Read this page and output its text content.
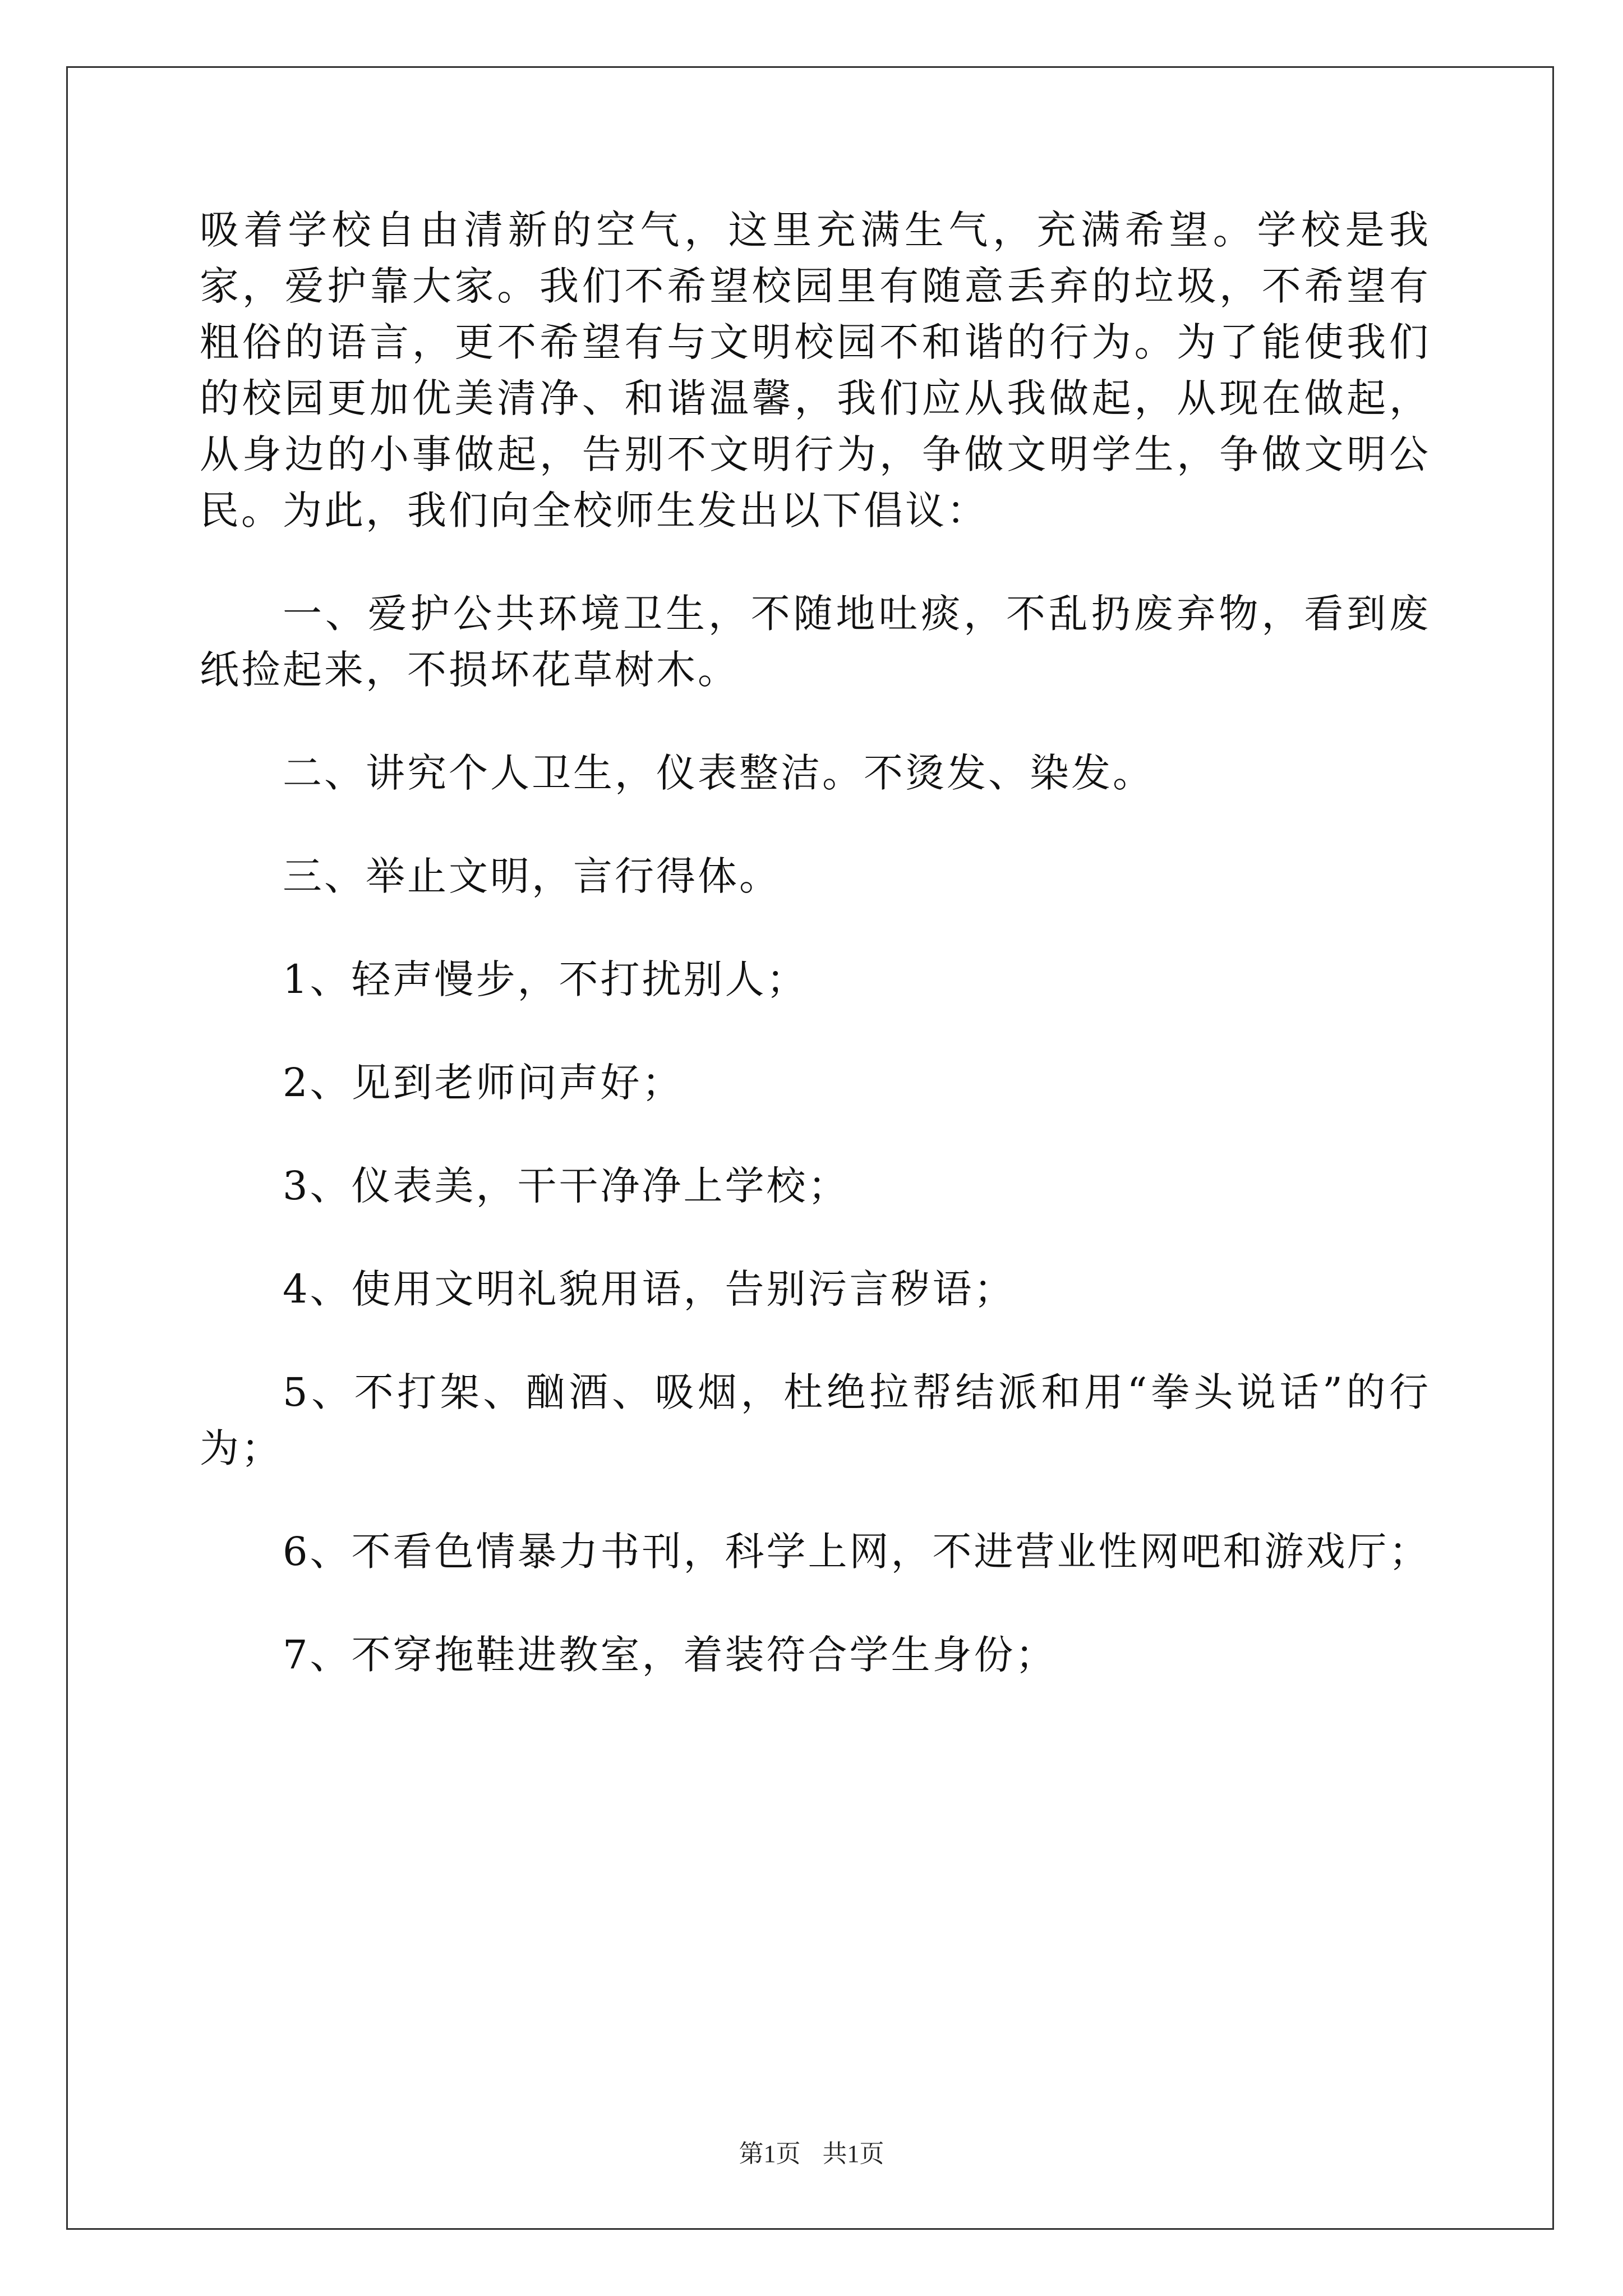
吸着学校自由清新的空气，这里充满生气，充满希望。学校是我家，爱护靠大家。我们不希望校园里有随意丢弃的垃圾，不希望有粗俗的语言，更不希望有与文明校园不和谐的行为。为了能使我们的校园更加优美清净、和谐温馨，我们应从我做起，从现在做起，从身边的小事做起，告别不文明行为，争做文明学生，争做文明公民。为此，我们向全校师生发出以下倡议：

一、爱护公共环境卫生，不随地吐痰，不乱扔废弃物，看到废纸捡起来，不损坏花草树木。

二、讲究个人卫生，仪表整洁。不烫发、染发。

三、举止文明，言行得体。

1、轻声慢步，不打扰别人；

2、见到老师问声好；

3、仪表美，干干净净上学校；

4、使用文明礼貌用语，告别污言秽语；

5、不打架、酗酒、吸烟，杜绝拉帮结派和用“拳头说话”的行为；

6、不看色情暴力书刊，科学上网，不进营业性网吧和游戏厅；

7、不穿拖鞋进教室，着装符合学生身份；

第1页 共1页
